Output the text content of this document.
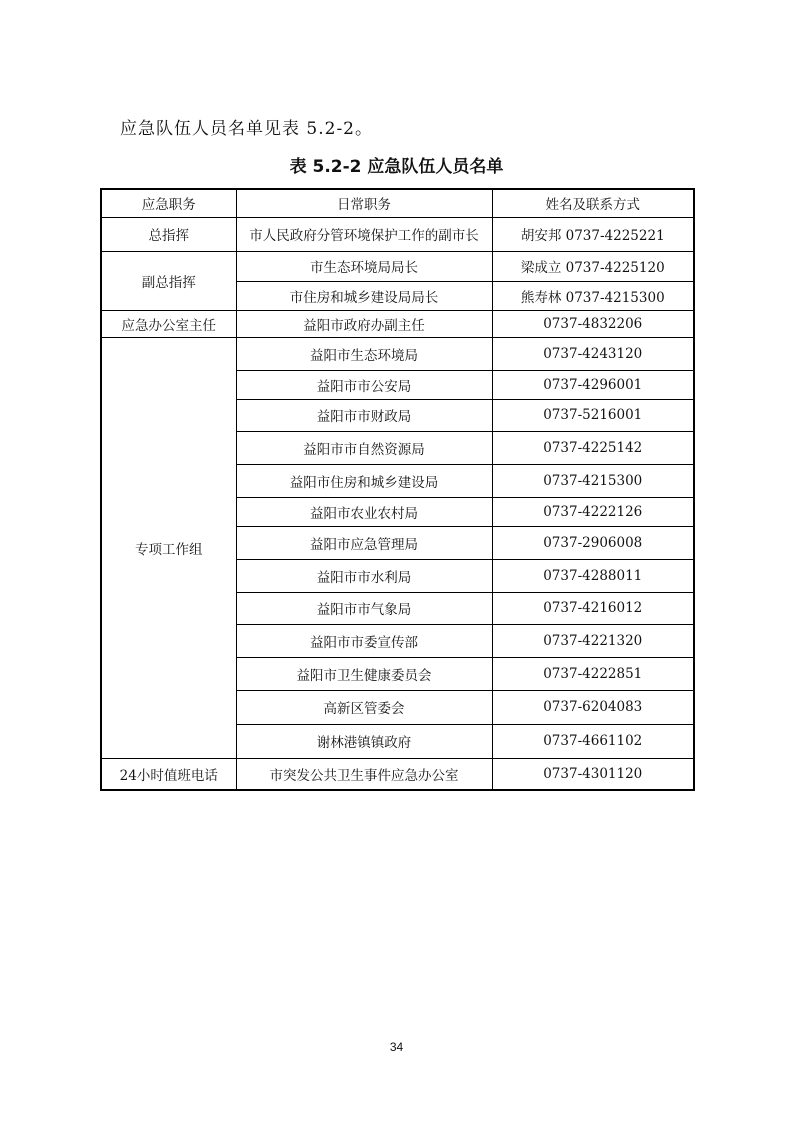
应急队伍人员名单见表 5.2-2。
表 5.2-2 应急队伍人员名单
应急职务	日常职务	姓名及联系方式
总指挥	市人民政府分管环境保护工作的副市长	胡安邦 0737-4225221
副总指挥	市生态环境局局长	梁成立 0737-4225120
	市住房和城乡建设局局长	熊寿林 0737-4215300
应急办公室主任	益阳市政府办副主任	0737-4832206
专项工作组	益阳市生态环境局	0737-4243120
	益阳市市公安局	0737-4296001
	益阳市市财政局	0737-5216001
	益阳市市自然资源局	0737-4225142
	益阳市住房和城乡建设局	0737-4215300
	益阳市农业农村局	0737-4222126
	益阳市应急管理局	0737-2906008
	益阳市市水利局	0737-4288011
	益阳市市气象局	0737-4216012
	益阳市市委宣传部	0737-4221320
	益阳市卫生健康委员会	0737-4222851
	高新区管委会	0737-6204083
	谢林港镇镇政府	0737-4661102
24小时值班电话	市突发公共卫生事件应急办公室	0737-4301120
34
